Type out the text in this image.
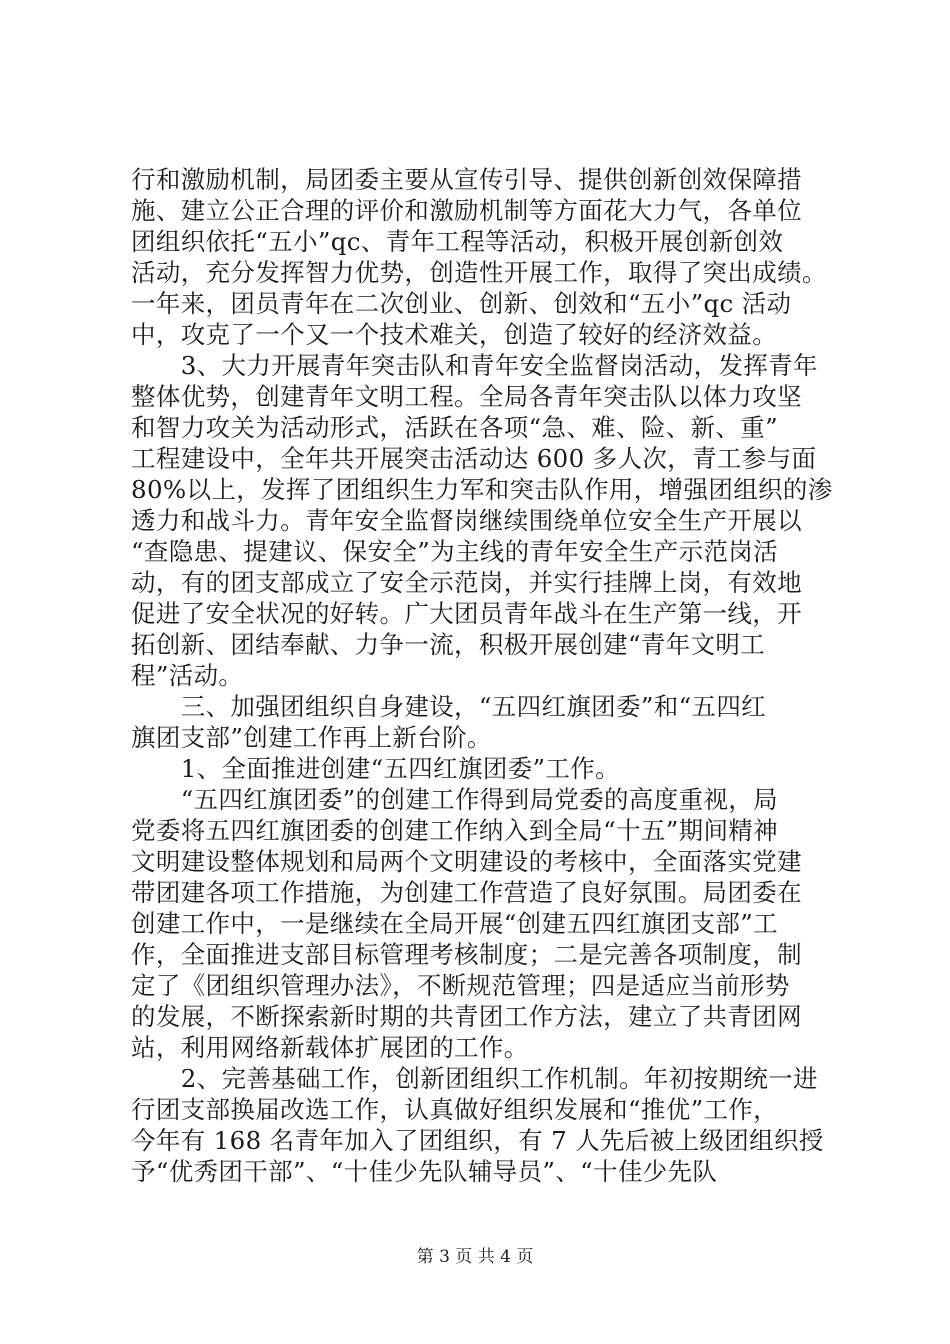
行和激励机制，局团委主要从宣传引导、提供创新创效保障措
施、建立公正合理的评价和激励机制等方面花大力气，各单位
团组织依托“五小”qc、青年工程等活动，积极开展创新创效
活动，充分发挥智力优势，创造性开展工作，取得了突出成绩。
一年来，团员青年在二次创业、创新、创效和“五小”qc 活动
中，攻克了一个又一个技术难关，创造了较好的经济效益。
　　3、大力开展青年突击队和青年安全监督岗活动，发挥青年
整体优势，创建青年文明工程。全局各青年突击队以体力攻坚
和智力攻关为活动形式，活跃在各项“急、难、险、新、重”
工程建设中，全年共开展突击活动达 600 多人次，青工参与面
80%以上，发挥了团组织生力军和突击队作用，增强团组织的渗
透力和战斗力。青年安全监督岗继续围绕单位安全生产开展以
“查隐患、提建议、保安全”为主线的青年安全生产示范岗活
动，有的团支部成立了安全示范岗，并实行挂牌上岗，有效地
促进了安全状况的好转。广大团员青年战斗在生产第一线，开
拓创新、团结奉献、力争一流，积极开展创建“青年文明工
程”活动。
　　三、加强团组织自身建设，“五四红旗团委”和“五四红
旗团支部”创建工作再上新台阶。
　　1、全面推进创建“五四红旗团委”工作。
　　“五四红旗团委”的创建工作得到局党委的高度重视，局
党委将五四红旗团委的创建工作纳入到全局“十五”期间精神
文明建设整体规划和局两个文明建设的考核中，全面落实党建
带团建各项工作措施，为创建工作营造了良好氛围。局团委在
创建工作中，一是继续在全局开展“创建五四红旗团支部”工
作，全面推进支部目标管理考核制度；二是完善各项制度，制
定了《团组织管理办法》，不断规范管理；四是适应当前形势
的发展，不断探索新时期的共青团工作方法，建立了共青团网
站，利用网络新载体扩展团的工作。
　　2、完善基础工作，创新团组织工作机制。年初按期统一进
行团支部换届改选工作，认真做好组织发展和“推优”工作，
今年有 168 名青年加入了团组织，有 7 人先后被上级团组织授
予“优秀团干部”、“十佳少先队辅导员”、“十佳少先队
第 3 页 共 4 页
